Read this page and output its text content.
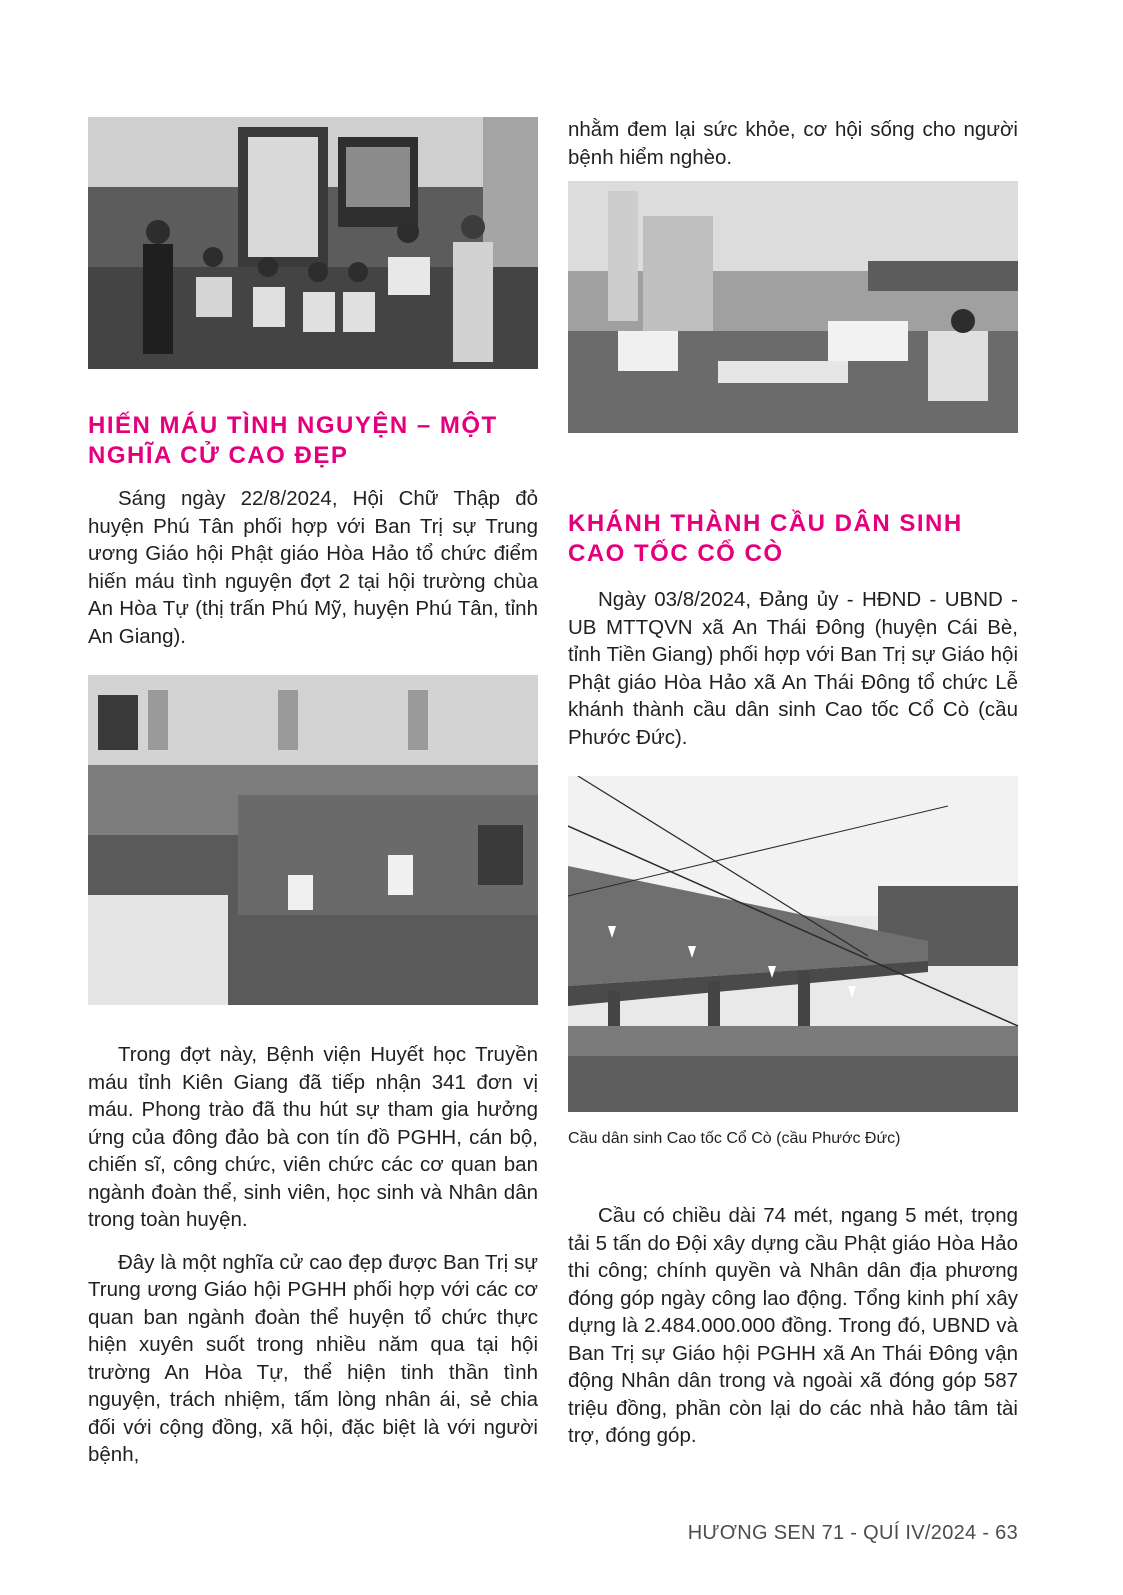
HIẾN MÁU TÌNH NGUYỆN – MỘT NGHĨA CỬ CAO ĐẸP

Sáng ngày 22/8/2024, Hội Chữ Thập đỏ huyện Phú Tân phối hợp với Ban Trị sự Trung ương Giáo hội Phật giáo Hòa Hảo tổ chức điểm hiến máu tình nguyện đợt 2 tại hội trường chùa An Hòa Tự (thị trấn Phú Mỹ, huyện Phú Tân, tỉnh An Giang).

Trong đợt này, Bệnh viện Huyết học Truyền máu tỉnh Kiên Giang đã tiếp nhận 341 đơn vị máu. Phong trào đã thu hút sự tham gia hưởng ứng của đông đảo bà con tín đồ PGHH, cán bộ, chiến sĩ, công chức, viên chức các cơ quan ban ngành đoàn thể, sinh viên, học sinh và Nhân dân trong toàn huyện.

Đây là một nghĩa cử cao đẹp được Ban Trị sự Trung ương Giáo hội PGHH phối hợp với các cơ quan ban ngành đoàn thể huyện tổ chức thực hiện xuyên suốt trong nhiều năm qua tại hội trường An Hòa Tự, thể hiện tinh thần tình nguyện, trách nhiệm, tấm lòng nhân ái, sẻ chia đối với cộng đồng, xã hội, đặc biệt là với người bệnh,

nhằm đem lại sức khỏe, cơ hội sống cho người bệnh hiểm nghèo.

KHÁNH THÀNH CẦU DÂN SINH CAO TỐC CỔ CÒ

Ngày 03/8/2024, Đảng ủy - HĐND - UBND - UB MTTQVN xã An Thái Đông (huyện Cái Bè, tỉnh Tiền Giang) phối hợp với Ban Trị sự Giáo hội Phật giáo Hòa Hảo xã An Thái Đông tổ chức Lễ khánh thành cầu dân sinh Cao tốc Cổ Cò (cầu Phước Đức).

Cầu dân sinh Cao tốc Cổ Cò (cầu Phước Đức)

Cầu có chiều dài 74 mét, ngang 5 mét, trọng tải 5 tấn do Đội xây dựng cầu Phật giáo Hòa Hảo thi công; chính quyền và Nhân dân địa phương đóng góp ngày công lao động. Tổng kinh phí xây dựng là 2.484.000.000 đồng. Trong đó, UBND và Ban Trị sự Giáo hội PGHH xã An Thái Đông vận động Nhân dân trong và ngoài xã đóng góp 587 triệu đồng, phần còn lại do các nhà hảo tâm tài trợ, đóng góp.

HƯƠNG SEN 71 - QUÍ IV/2024 - 63
